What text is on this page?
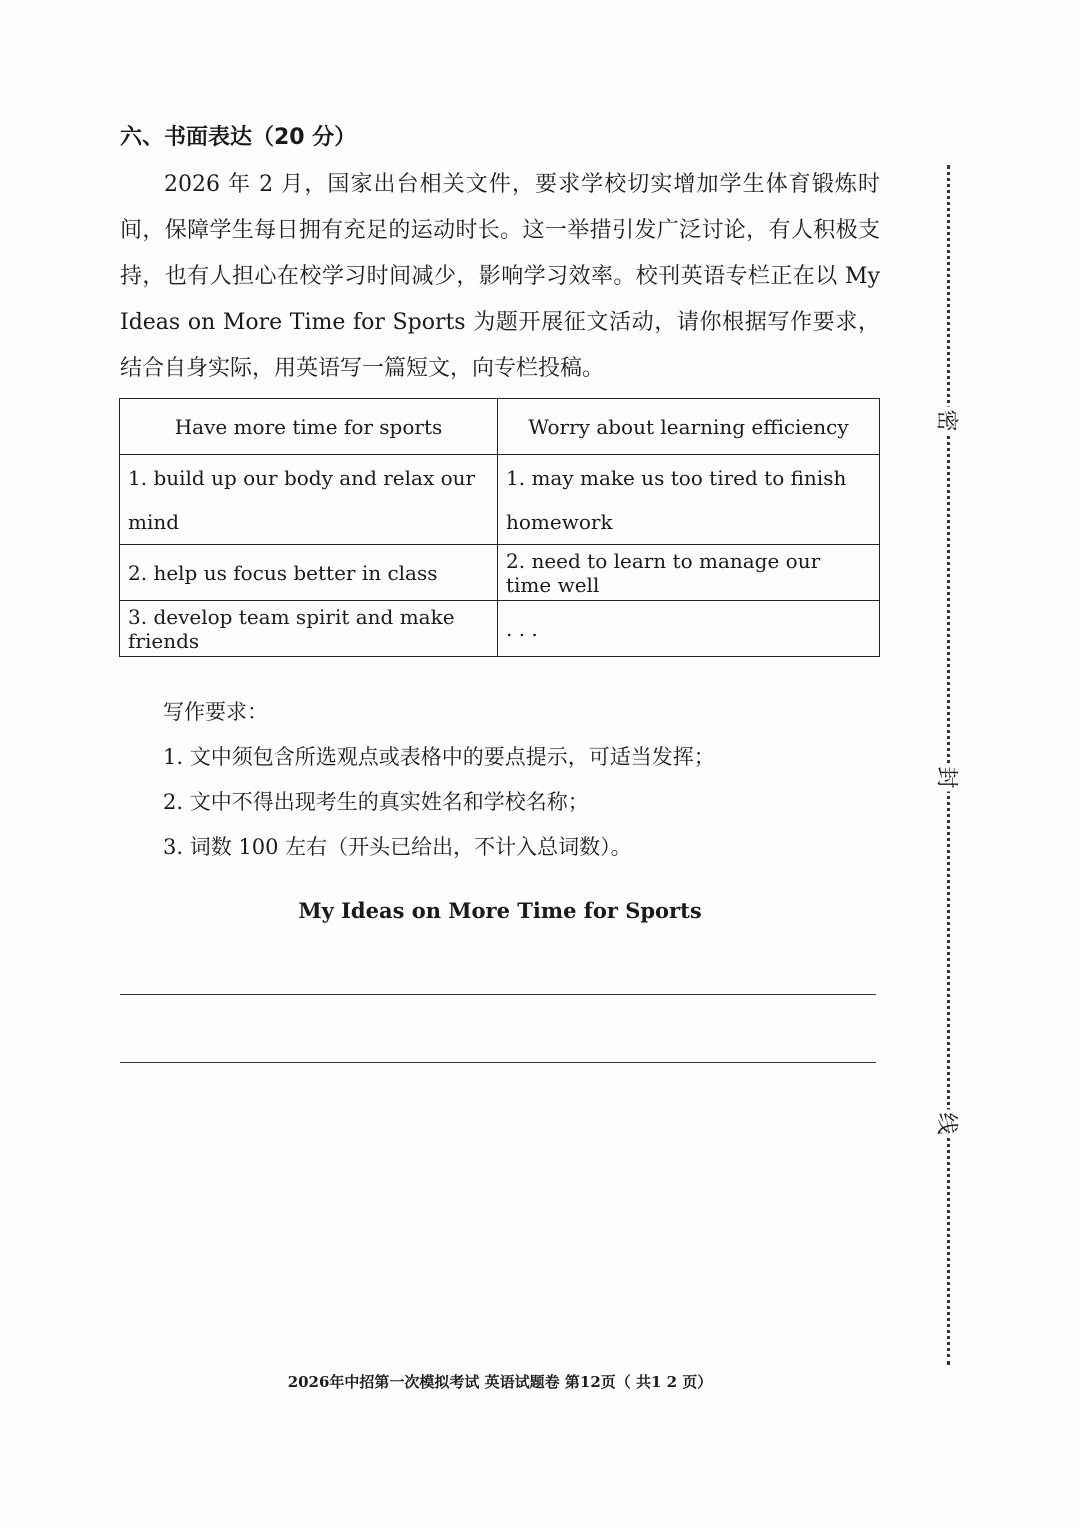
六、书面表达（20 分）

2026 年 2 月，国家出台相关文件，要求学校切实增加学生体育锻炼时间，保障学生每日拥有充足的运动时长。这一举措引发广泛讨论，有人积极支持，也有人担心在校学习时间减少，影响学习效率。校刊英语专栏正在以 My Ideas on More Time for Sports 为题开展征文活动，请你根据写作要求，结合自身实际，用英语写一篇短文，向专栏投稿。

Have more time for sports	Worry about learning efficiency
1. build up our body and relax our mind	1. may make us too tired to finish homework
2. help us focus better in class	2. need to learn to manage our time well
3. develop team spirit and make friends	. . .
写作要求：
1. 文中须包含所选观点或表格中的要点提示，可适当发挥；
2. 文中不得出现考生的真实姓名和学校名称；
3. 词数 100 左右（开头已给出，不计入总词数）。
My Ideas on More Time for Sports
2026年中招第一次模拟考试 英语试题卷 第12页（ 共1 2 页）
密
封
线
